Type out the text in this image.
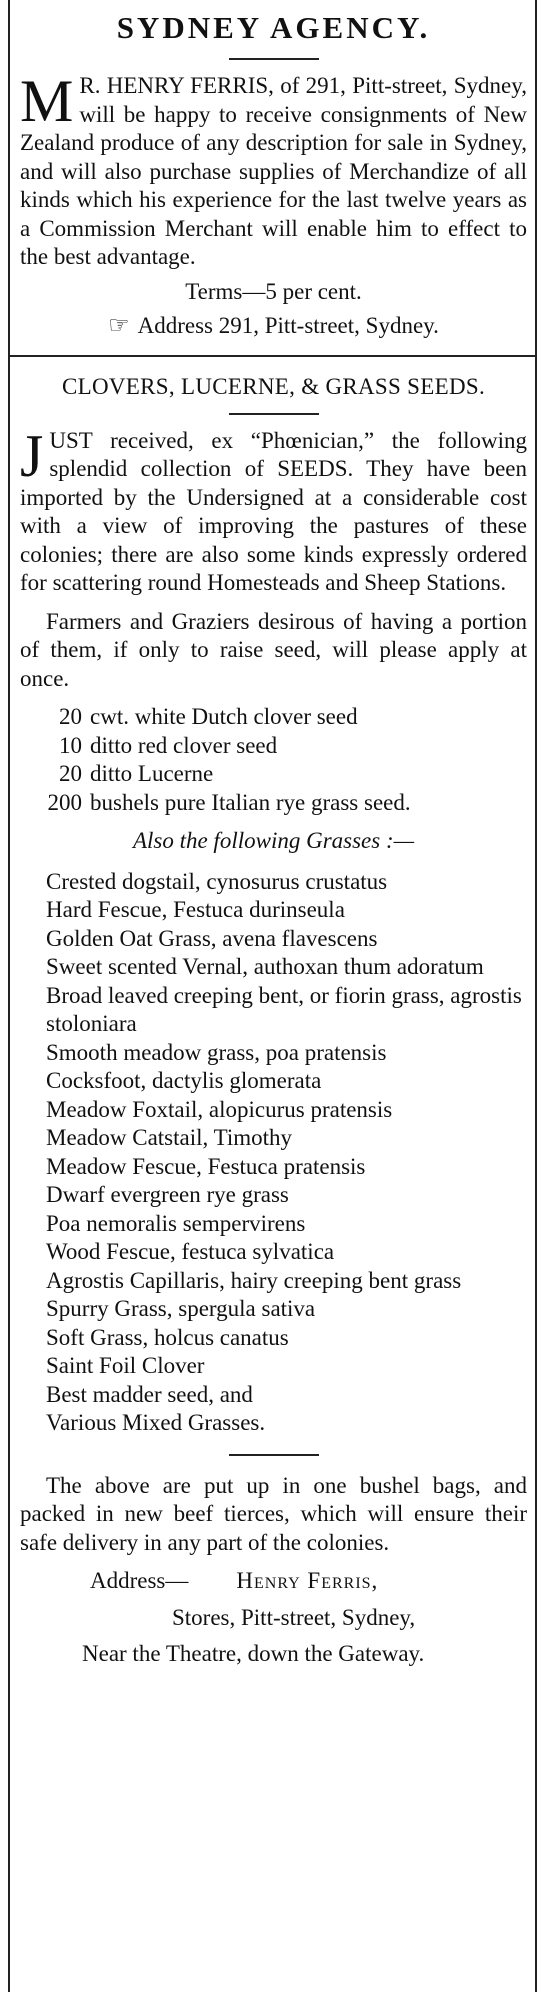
SYDNEY AGENCY.

M R. HENRY FERRIS, of 291, Pitt-street, Sydney, will be happy to receive consignments of New Zealand produce of any description for sale in Sydney, and will also purchase supplies of Merchandize of all kinds which his experience for the last twelve years as a Commission Merchant will enable him to effect to the best advantage.

Terms—5 per cent.

☞ Address 291, Pitt-street, Sydney.

CLOVERS, LUCERNE, & GRASS SEEDS.

JUST received, ex “Phœnician,” the following splendid collection of SEEDS. They have been imported by the Undersigned at a considerable cost with a view of improving the pastures of these colonies; there are also some kinds expressly ordered for scattering round Homesteads and Sheep Stations.

Farmers and Graziers desirous of having a portion of them, if only to raise seed, will please apply at once.

20 cwt. white Dutch clover seed
10 ditto red clover seed
20 ditto Lucerne
200 bushels pure Italian rye grass seed.

Also the following Grasses :—

Crested dogstail, cynosurus crustatus
Hard Fescue, Festuca durinseula
Golden Oat Grass, avena flavescens
Sweet scented Vernal, authoxan thum adoratum
Broad leaved creeping bent, or fiorin grass, agrostis stoloniara
Smooth meadow grass, poa pratensis
Cocksfoot, dactylis glomerata
Meadow Foxtail, alopicurus pratensis
Meadow Catstail, Timothy
Meadow Fescue, Festuca pratensis
Dwarf evergreen rye grass
Poa nemoralis sempervirens
Wood Fescue, festuca sylvatica
Agrostis Capillaris, hairy creeping bent grass
Spurry Grass, spergula sativa
Soft Grass, holcus canatus
Saint Foil Clover
Best madder seed, and
Various Mixed Grasses.

The above are put up in one bushel bags, and packed in new beef tierces, which will ensure their safe delivery in any part of the colonies.

Address— Henry Ferris,
Stores, Pitt-street, Sydney,
Near the Theatre, down the Gateway.
